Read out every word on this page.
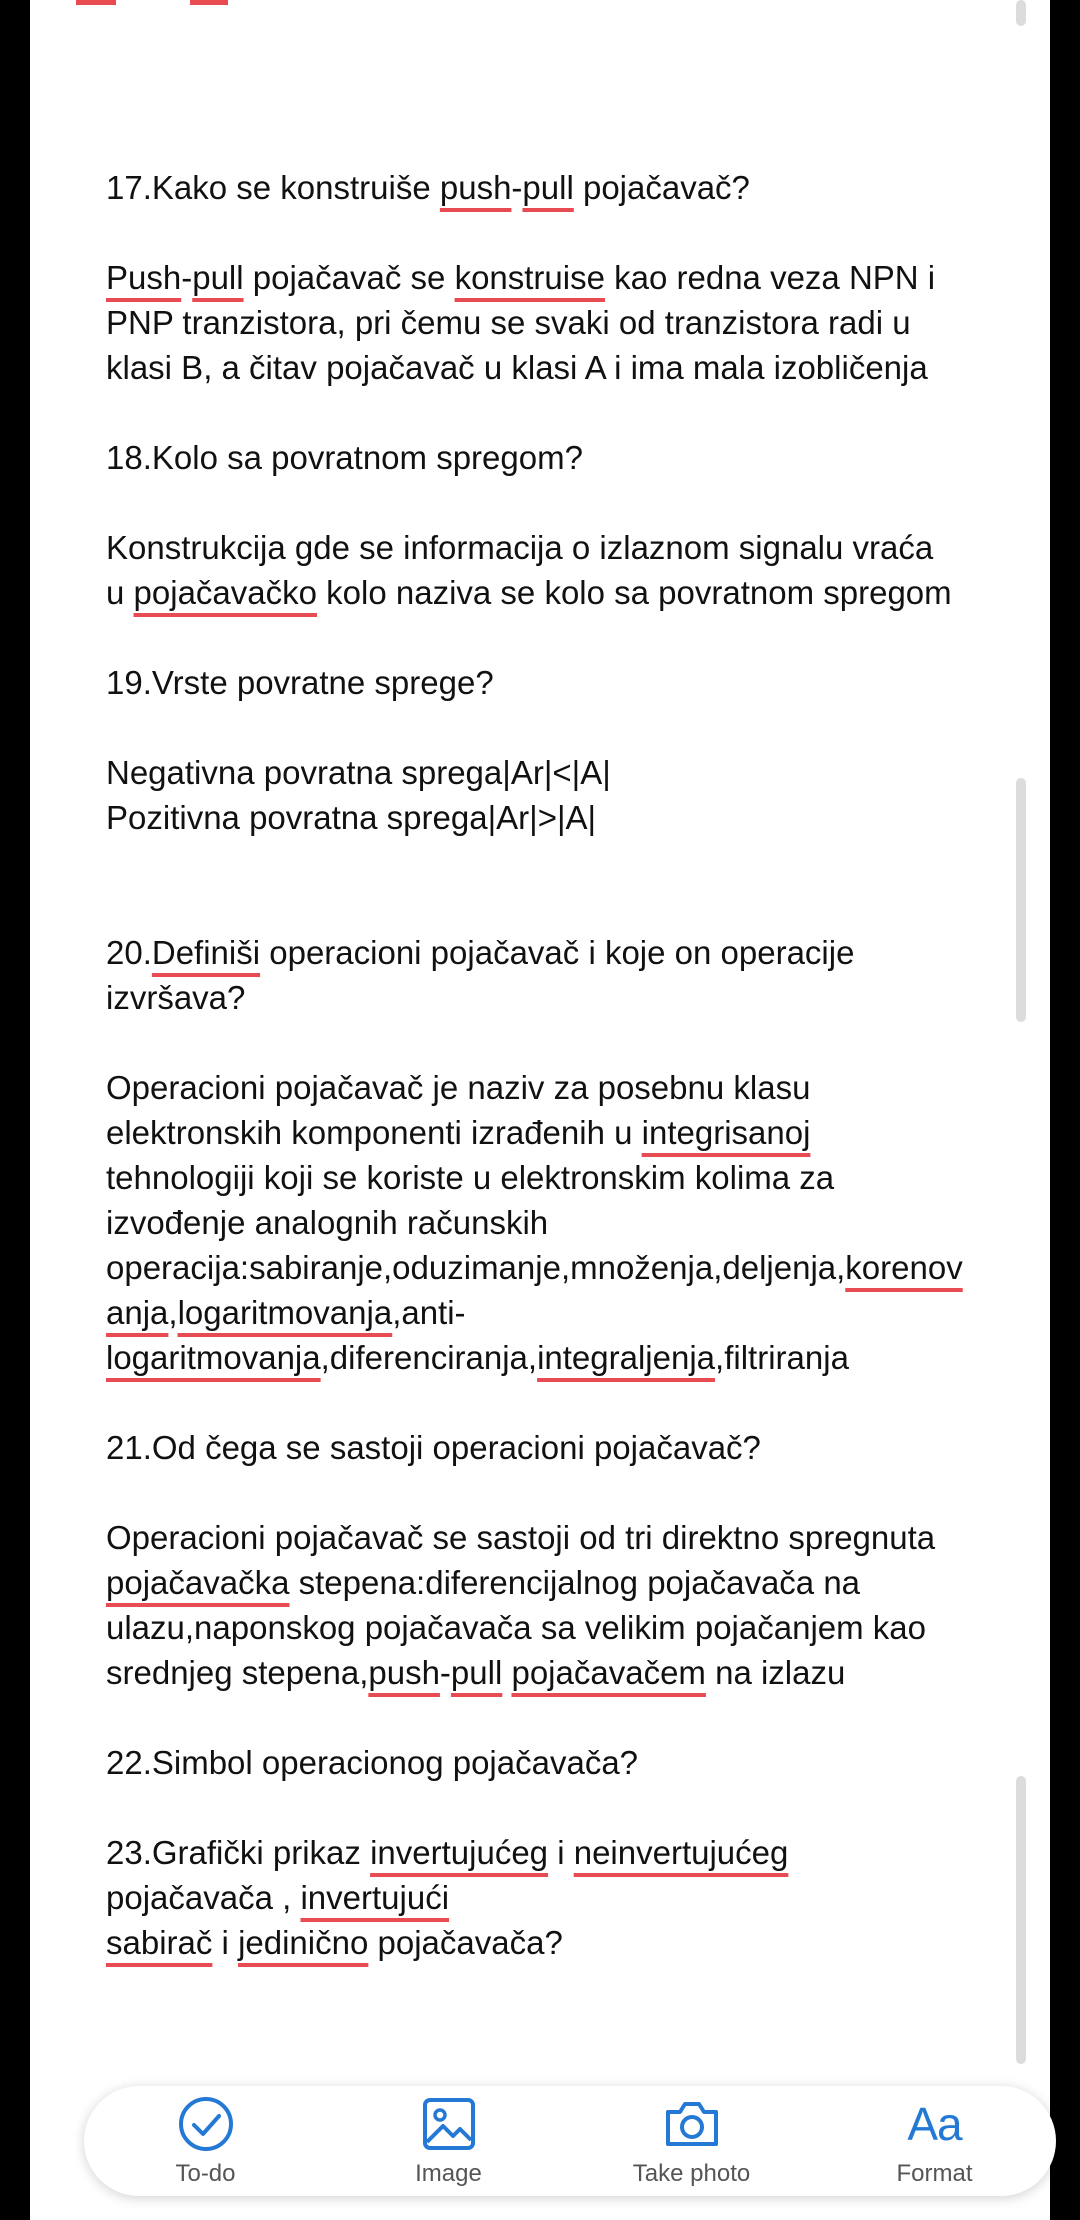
17.Kako se konstruiše push-pull pojačavač?
Push-pull pojačavač se konstruise kao redna veza NPN i
PNP tranzistora, pri čemu se svaki od tranzistora radi u
klasi B, a čitav pojačavač u klasi A i ima mala izobličenja
18.Kolo sa povratnom spregom?
Konstrukcija gde se informacija o izlaznom signalu vraća
u pojačavačko kolo naziva se kolo sa povratnom spregom
19.Vrste povratne sprege?
Negativna povratna sprega|Ar|<|A|
Pozitivna povratna sprega|Ar|>|A|
20.Definiši operacioni pojačavač i koje on operacije
izvršava?
Operacioni pojačavač je naziv za posebnu klasu
elektronskih komponenti izrađenih u integrisanoj
tehnologiji koji se koriste u elektronskim kolima za
izvođenje analognih računskih
operacija:sabiranje,oduzimanje,množenja,deljenja,korenov
anja,logaritmovanja,anti-
logaritmovanja,diferenciranja,integraljenja,filtriranja
21.Od čega se sastoji operacioni pojačavač?
Operacioni pojačavač se sastoji od tri direktno spregnuta
pojačavačka stepena:diferencijalnog pojačavača na
ulazu,naponskog pojačavača sa velikim pojačanjem kao
srednjeg stepena,push-pull pojačavačem na izlazu
22.Simbol operacionog pojačavača?
23.Grafički prikaz invertujućeg i neinvertujućeg
pojačavača , invertujući
sabirač i jedinično pojačavača?
To-do	Image	Take photo
Aa
Format
